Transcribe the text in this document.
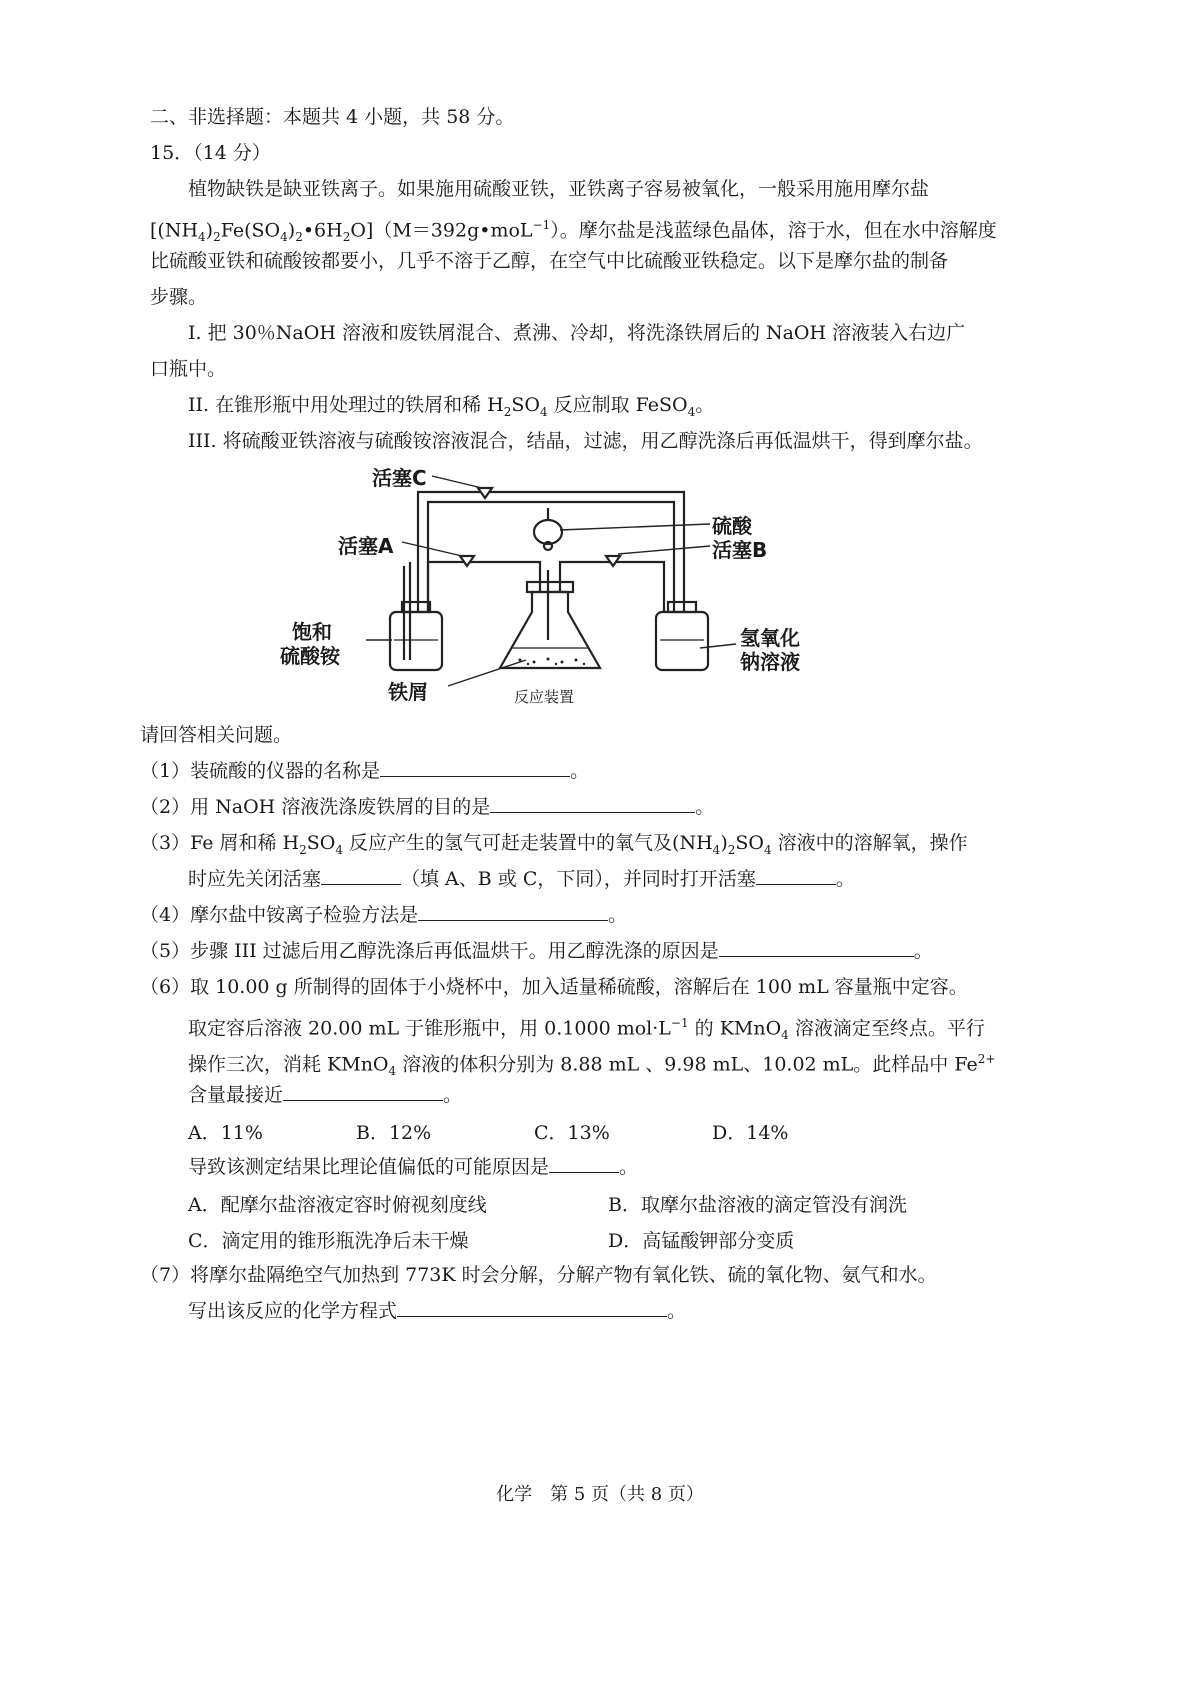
二、非选择题：本题共 4 小题，共 58 分。
15．（14 分）
植物缺铁是缺亚铁离子。如果施用硫酸亚铁，亚铁离子容易被氧化，一般采用施用摩尔盐
$[(NH_4)_2Fe(SO_4)_2•6H_2O](M=392g•moL^{-1})$。摩尔盐是浅蓝绿色晶体，溶于水，但在水中溶解度
比硫酸亚铁和硫酸铵都要小，几乎不溶于乙醇，在空气中比硫酸亚铁稳定。以下是摩尔盐的制备
步骤。
I. 把 30％NaOH 溶液和废铁屑混合、煮沸、冷却，将洗涤铁屑后的 NaOH 溶液装入右边广
口瓶中。
II. 在锥形瓶中用处理过的铁屑和稀 $H_2SO_4$ 反应制取 FeSO$_4$。
III. 将硫酸亚铁溶液与硫酸铵溶液混合，结晶，过滤，用乙醇洗涤后再低温烘干，得到摩尔盐。
活塞C
活塞A
硫酸
活塞B
饱和
硫酸铵
铁屑
氢氧化
钠溶液
反应装置
请回答相关问题。
（1）装硫酸的仪器的名称是	。
（2）用 NaOH 溶液洗涤废铁屑的目的是	。
（3）Fe 屑和稀 $H_2SO_4$ 反应产生的氢气可赶走装置中的氧气及$(NH_4)_2SO_4$ 溶液中的溶解氧，操作
时应先关闭活塞	（填 A、B 或 C，下同），并同时打开活塞	。
（4）摩尔盐中铵离子检验方法是	。
（5）步骤 III 过滤后用乙醇洗涤后再低温烘干。用乙醇洗涤的原因是	。
（6）取 10.00 g 所制得的固体于小烧杯中，加入适量稀硫酸，溶解后在 100 mL 容量瓶中定容。
取定容后溶液 20.00 mL 于锥形瓶中，用 0.1000 $mol\cdot L^{-1}$ 的 KMnO$_4$ 溶液滴定至终点。平行
操作三次，消耗 KMnO$_4$ 溶液的体积分别为 8.88 mL 、9.98 mL、10.02 mL。此样品中 $Fe^{2+}$
含量最接近	。
A．11%	B．12%	C．13%	D．14%
导致该测定结果比理论值偏低的可能原因是	。
A．配摩尔盐溶液定容时俯视刻度线	B．取摩尔盐溶液的滴定管没有润洗
C．滴定用的锥形瓶洗净后未干燥	D．高锰酸钾部分变质
（7）将摩尔盐隔绝空气加热到 773K 时会分解，分解产物有氧化铁、硫的氧化物、氨气和水。
写出该反应的化学方程式	。
化学　第 5 页（共 8 页）
